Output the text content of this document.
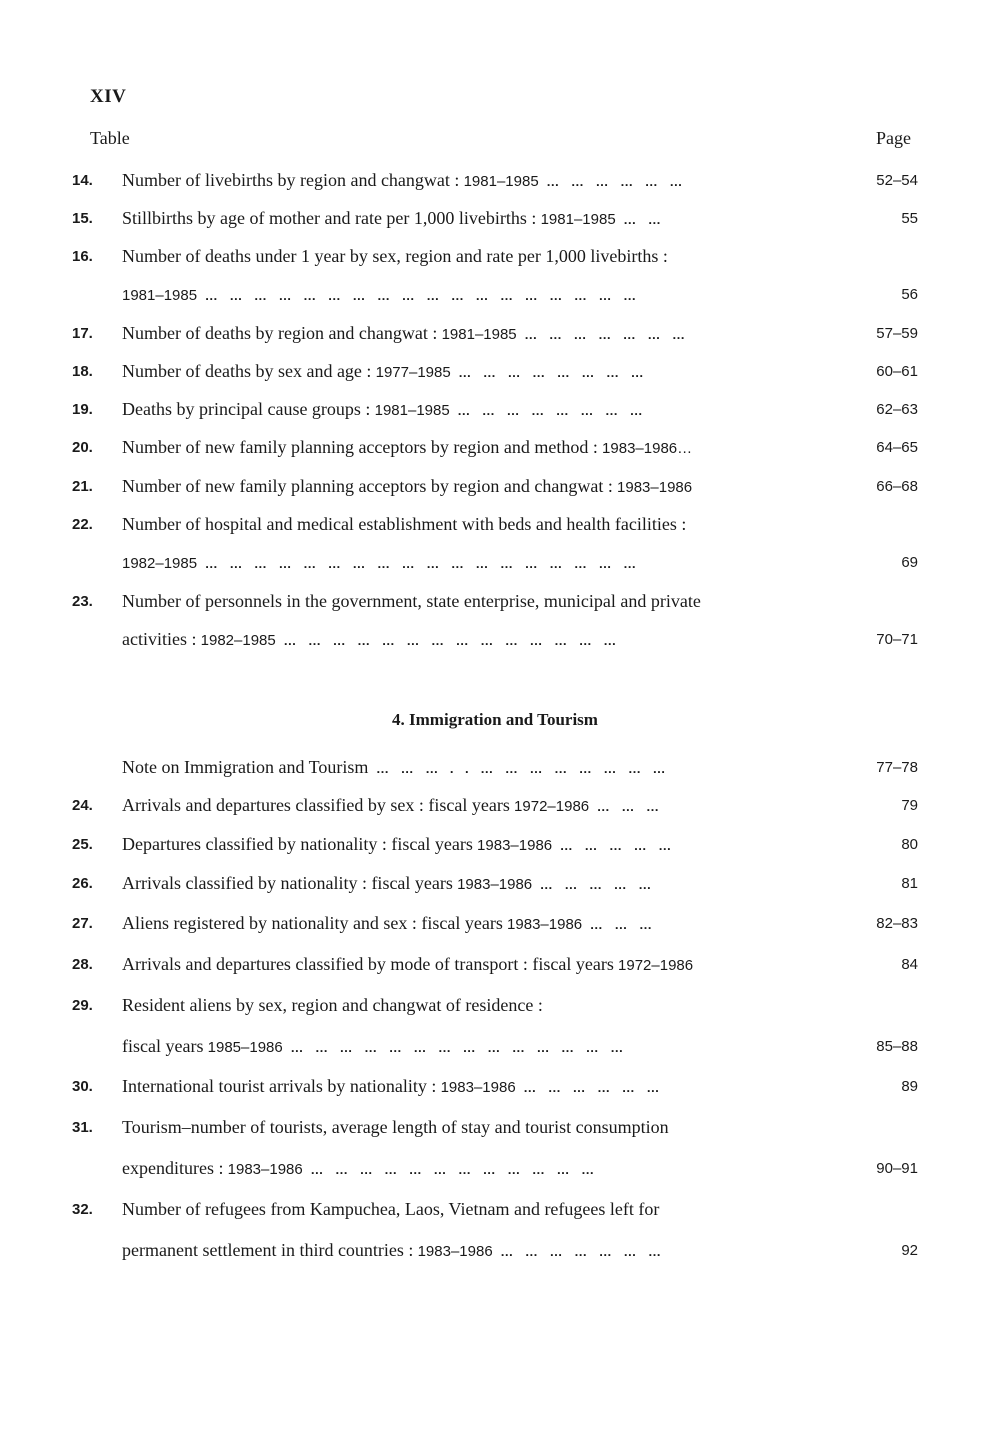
XIV
Table	Page
4. Immigration and Tourism
14.	Number of livebirths by region and changwat : 1981–1985 … … … … … …	52–54
15.	Stillbirths by age of mother and rate per 1,000 livebirths : 1981–1985 … …	55
16.	Number of deaths under 1 year by sex, region and rate per 1,000 livebirths :
1981–1985 … … … … … … … … … … … … … … … … … …	56
17.	Number of deaths by region and changwat : 1981–1985 … … … … … … …	57–59
18.	Number of deaths by sex and age : 1977–1985 … … … … … … … …	60–61
19.	Deaths by principal cause groups : 1981–1985 … … … … … … … …	62–63
20.	Number of new family planning acceptors by region and method : 1983–1986…	64–65
21.	Number of new family planning acceptors by region and changwat : 1983–1986	66–68
22.	Number of hospital and medical establishment with beds and health facilities :
1982–1985 … … … … … … … … … … … … … … … … … …	69
23.	Number of personnels in the government, state enterprise, municipal and private
activities : 1982–1985 … … … … … … … … … … … … … …	70–71
Note on Immigration and Tourism … … … . . … … … … … … … …	77–78
24.	Arrivals and departures classified by sex : fiscal years 1972–1986 … … …	79
25.	Departures classified by nationality : fiscal years 1983–1986 … … … … …	80
26.	Arrivals classified by nationality : fiscal years 1983–1986 … … … … …	81
27.	Aliens registered by nationality and sex : fiscal years 1983–1986 … … …	82–83
28.	Arrivals and departures classified by mode of transport : fiscal years 1972–1986	84
29.	Resident aliens by sex, region and changwat of residence :
fiscal years 1985–1986 … … … … … … … … … … … … … …	85–88
30.	International tourist arrivals by nationality : 1983–1986 … … … … … …	89
31.	Tourism–number of tourists, average length of stay and tourist consumption
expenditures : 1983–1986 … … … … … … … … … … … …	90–91
32.	Number of refugees from Kampuchea, Laos, Vietnam and refugees left for
permanent settlement in third countries : 1983–1986 … … … … … … …	92
